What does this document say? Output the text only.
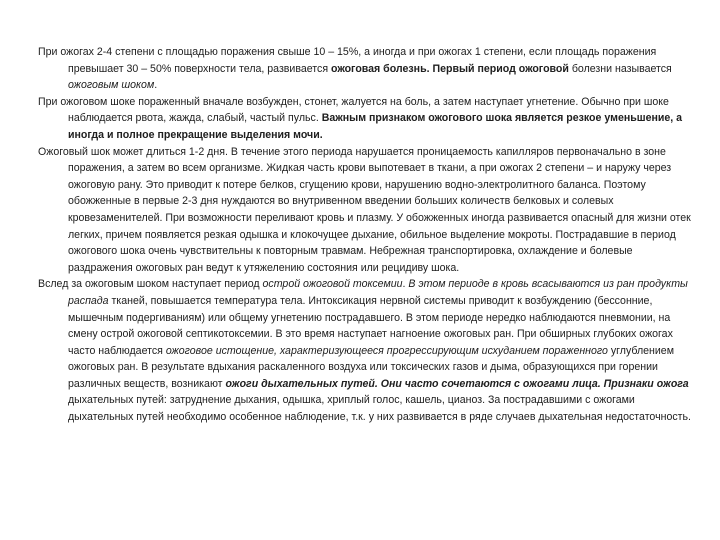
При ожогах 2-4 степени с площадью поражения свыше 10 – 15%, а иногда и при ожогах 1 степени, если площадь поражения превышает 30 – 50% поверхности тела, развивается ожоговая болезнь. Первый период ожоговой болезни называется ожоговым шоком.

При ожоговом шоке пораженный вначале возбужден, стонет, жалуется на боль, а затем наступает угнетение. Обычно при шоке наблюдается рвота, жажда, слабый, частый пульс. Важным признаком ожогового шока является резкое уменьшение, а иногда и полное прекращение выделения мочи.

Ожоговый шок может длиться 1-2 дня. В течение этого периода нарушается проницаемость капилляров первоначально в зоне поражения, а затем во всем организме. Жидкая часть крови выпотевает в ткани, а при ожогах 2 степени – и наружу через ожоговую рану. Это приводит к потере белков, сгущению крови, нарушению водно-электролитного баланса. Поэтому обожженные в первые 2-3 дня нуждаются во внутривенном введении больших количеств белковых и солевых кровезаменителей. При возможности переливают кровь и плазму. У обожженных иногда развивается опасный для жизни отек легких, причем появляется резкая одышка и клокочущее дыхание, обильное выделение мокроты. Пострадавшие в период ожогового шока очень чувствительны к повторным травмам. Небрежная транспортировка, охлаждение и болевые раздражения ожоговых ран ведут к утяжелению состояния или рецидиву шока.

Вслед за ожоговым шоком наступает период острой ожоговой токсемии. В этом периоде в кровь всасываются из ран продукты распада тканей, повышается температура тела. Интоксикация нервной системы приводит к возбуждению (бессонние, мышечным подергиваниям) или общему угнетению пострадавшего. В этом периоде нередко наблюдаются пневмонии, на смену острой ожоговой септикотоксемии. В это время наступает нагноение ожоговых ран. При обширных глубоких ожогах часто наблюдается ожоговое истощение, характеризующееся прогрессирующим исхуданием пораженного углублением ожоговых ран. В результате вдыхания раскаленного воздуха или токсических газов и дыма, образующихся при горении различных веществ, возникают ожоги дыхательных путей. Они часто сочетаются с ожогами лица. Признаки ожога дыхательных путей: затруднение дыхания, одышка, хриплый голос, кашель, цианоз. За пострадавшими с ожогами дыхательных путей необходимо особенное наблюдение, т.к. у них развивается в ряде случаев дыхательная недостаточность.
